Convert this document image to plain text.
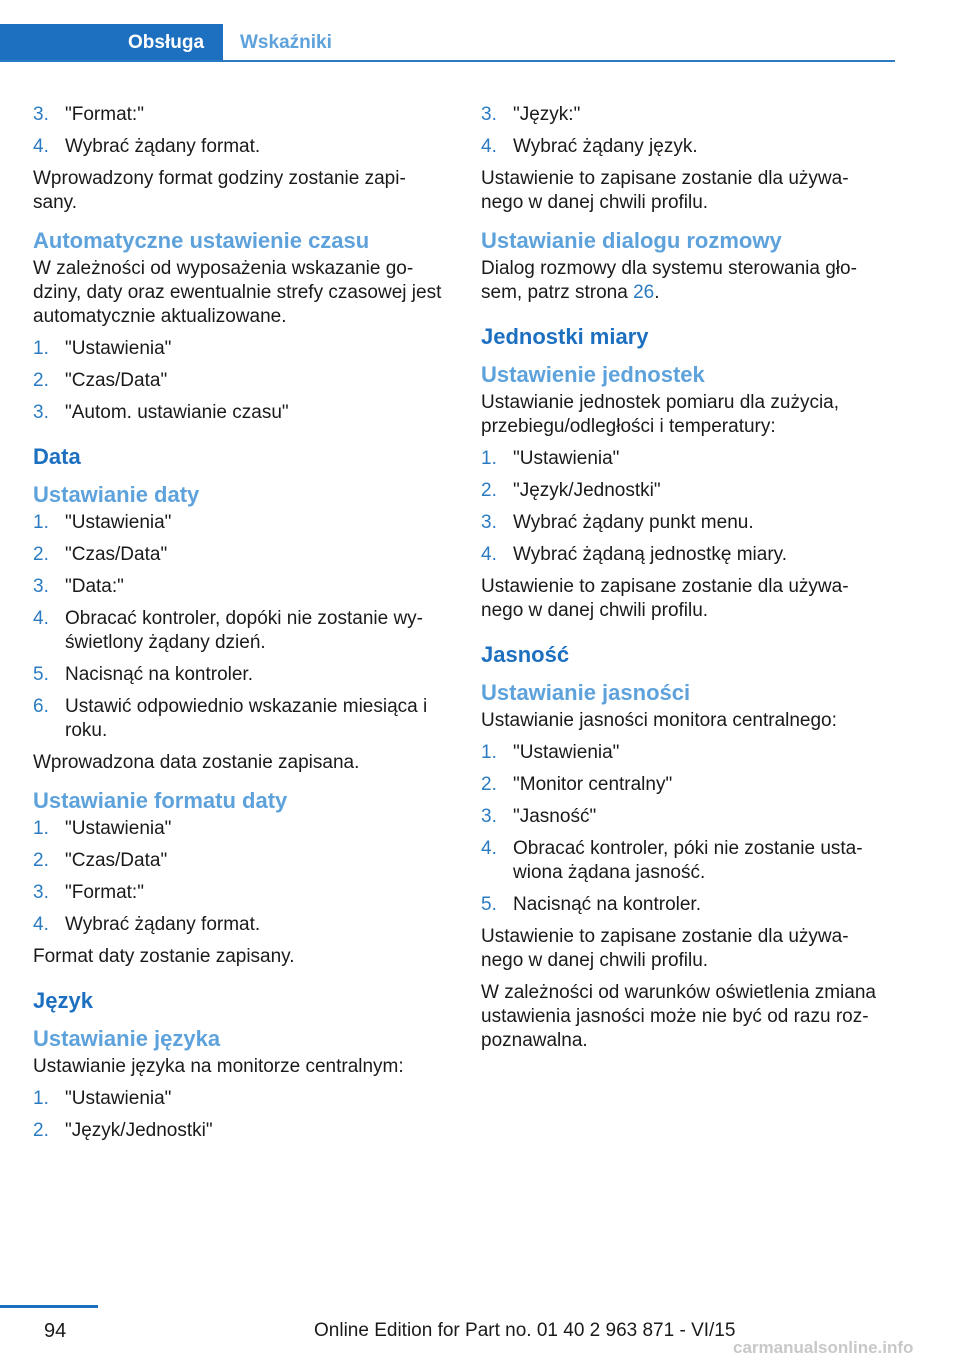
Obsługa	Wskaźniki
3. "Format:"
4. Wybrać żądany format.
Wprowadzony format godziny zostanie zapi‐ sany.
Automatyczne ustawienie czasu
W zależności od wyposażenia wskazanie go‐ dziny, daty oraz ewentualnie strefy czasowej jest automatycznie aktualizowane.
1. "Ustawienia"
2. "Czas/Data"
3. "Autom. ustawianie czasu"
Data
Ustawianie daty
1. "Ustawienia"
2. "Czas/Data"
3. "Data:"
4. Obracać kontroler, dopóki nie zostanie wy‐ świetlony żądany dzień.
5. Nacisnąć na kontroler.
6. Ustawić odpowiednio wskazanie miesiąca i roku.
Wprowadzona data zostanie zapisana.
Ustawianie formatu daty
1. "Ustawienia"
2. "Czas/Data"
3. "Format:"
4. Wybrać żądany format.
Format daty zostanie zapisany.
Język
Ustawianie języka
Ustawianie języka na monitorze centralnym:
1. "Ustawienia"
2. "Język/Jednostki"
3. "Język:"
4. Wybrać żądany język.
Ustawienie to zapisane zostanie dla używa‐ nego w danej chwili profilu.
Ustawianie dialogu rozmowy
Dialog rozmowy dla systemu sterowania gło‐ sem, patrz strona 26.
Jednostki miary
Ustawienie jednostek
Ustawianie jednostek pomiaru dla zużycia, przebiegu/odległości i temperatury:
1. "Ustawienia"
2. "Język/Jednostki"
3. Wybrać żądany punkt menu.
4. Wybrać żądaną jednostkę miary.
Ustawienie to zapisane zostanie dla używa‐ nego w danej chwili profilu.
Jasność
Ustawianie jasności
Ustawianie jasności monitora centralnego:
1. "Ustawienia"
2. "Monitor centralny"
3. "Jasność"
4. Obracać kontroler, póki nie zostanie usta‐ wiona żądana jasność.
5. Nacisnąć na kontroler.
Ustawienie to zapisane zostanie dla używa‐ nego w danej chwili profilu.
W zależności od warunków oświetlenia zmiana ustawienia jasności może nie być od razu roz‐ poznawalna.
94	Online Edition for Part no. 01 40 2 963 871 - VI/15
carmanualsonline.info
